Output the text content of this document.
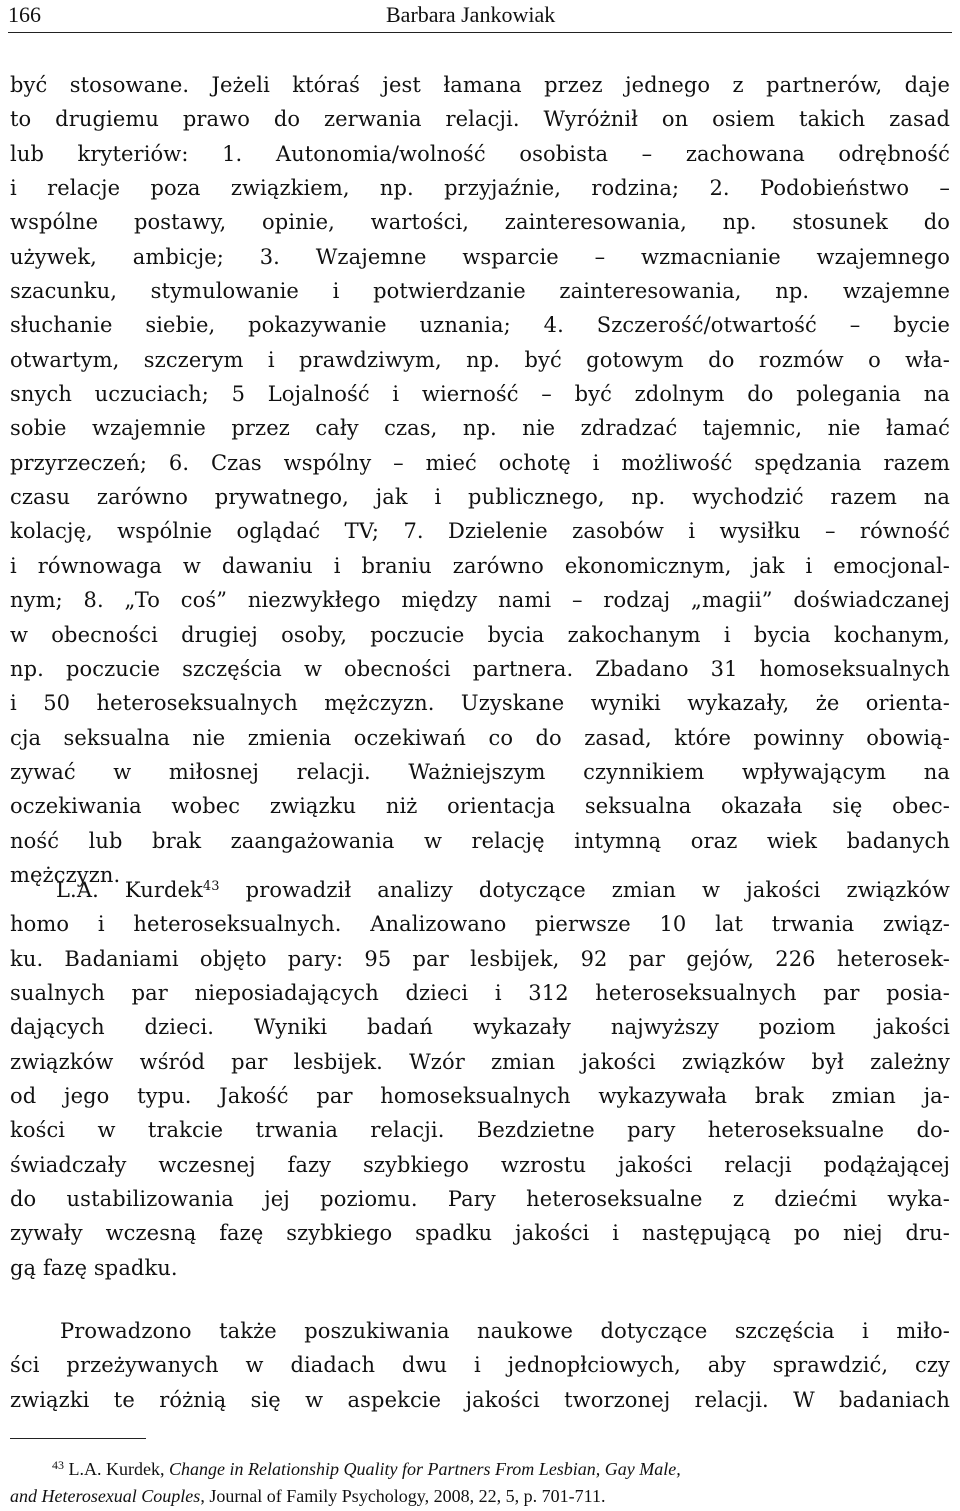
166	Barbara Jankowiak
być stosowane. Jeżeli któraś jest łamana przez jednego z partnerów, daje
to drugiemu prawo do zerwania relacji. Wyróżnił on osiem takich zasad
lub kryteriów: 1. Autonomia/wolność osobista – zachowana odrębność
i relacje poza związkiem, np. przyjaźnie, rodzina; 2. Podobieństwo –
wspólne postawy, opinie, wartości, zainteresowania, np. stosunek do
używek, ambicje; 3. Wzajemne wsparcie – wzmacnianie wzajemnego
szacunku, stymulowanie i potwierdzanie zainteresowania, np. wzajemne
słuchanie siebie, pokazywanie uznania; 4. Szczerość/otwartość – bycie
otwartym, szczerym i prawdziwym, np. być gotowym do rozmów o wła-
snych uczuciach; 5 Lojalność i wierność – być zdolnym do polegania na
sobie wzajemnie przez cały czas, np. nie zdradzać tajemnic, nie łamać
przyrzeczeń; 6. Czas wspólny – mieć ochotę i możliwość spędzania razem
czasu zarówno prywatnego, jak i publicznego, np. wychodzić razem na
kolację, wspólnie oglądać TV; 7. Dzielenie zasobów i wysiłku – równość
i równowaga w dawaniu i braniu zarówno ekonomicznym, jak i emocjonal-
nym; 8. „To coś” niezwykłego między nami – rodzaj „magii” doświadczanej
w obecności drugiej osoby, poczucie bycia zakochanym i bycia kochanym,
np. poczucie szczęścia w obecności partnera. Zbadano 31 homoseksualnych
i 50 heteroseksualnych mężczyzn. Uzyskane wyniki wykazały, że orienta-
cja seksualna nie zmienia oczekiwań co do zasad, które powinny obowią-
zywać w miłosnej relacji. Ważniejszym czynnikiem wpływającym na
oczekiwania wobec związku niż orientacja seksualna okazała się obec-
ność lub brak zaangażowania w relację intymną oraz wiek badanych
mężczyzn.
L.A. Kurdek$^{43}$ prowadził analizy dotyczące zmian w jakości związków
homo i heteroseksualnych. Analizowano pierwsze 10 lat trwania związ-
ku. Badaniami objęto pary: 95 par lesbijek, 92 par gejów, 226 heterosek-
sualnych par nieposiadających dzieci i 312 heteroseksualnych par posia-
dających dzieci. Wyniki badań wykazały najwyższy poziom jakości
związków wśród par lesbijek. Wzór zmian jakości związków był zależny
od jego typu. Jakość par homoseksualnych wykazywała brak zmian ja-
kości w trakcie trwania relacji. Bezdzietne pary heteroseksualne do-
świadczały wczesnej fazy szybkiego wzrostu jakości relacji podążającej
do ustabilizowania jej poziomu. Pary heteroseksualne z dziećmi wyka-
zywały wczesną fazę szybkiego spadku jakości i następującą po niej dru-
gą fazę spadku.
Prowadzono także poszukiwania naukowe dotyczące szczęścia i miło-
ści przeżywanych w diadach dwu i jednopłciowych, aby sprawdzić, czy
związki te różnią się w aspekcie jakości tworzonej relacji. W badaniach
$^{43}$ L.A. Kurdek, Change in Relationship Quality for Partners From Lesbian, Gay Male,
and Heterosexual Couples, Journal of Family Psychology, 2008, 22, 5, p. 701-711.
